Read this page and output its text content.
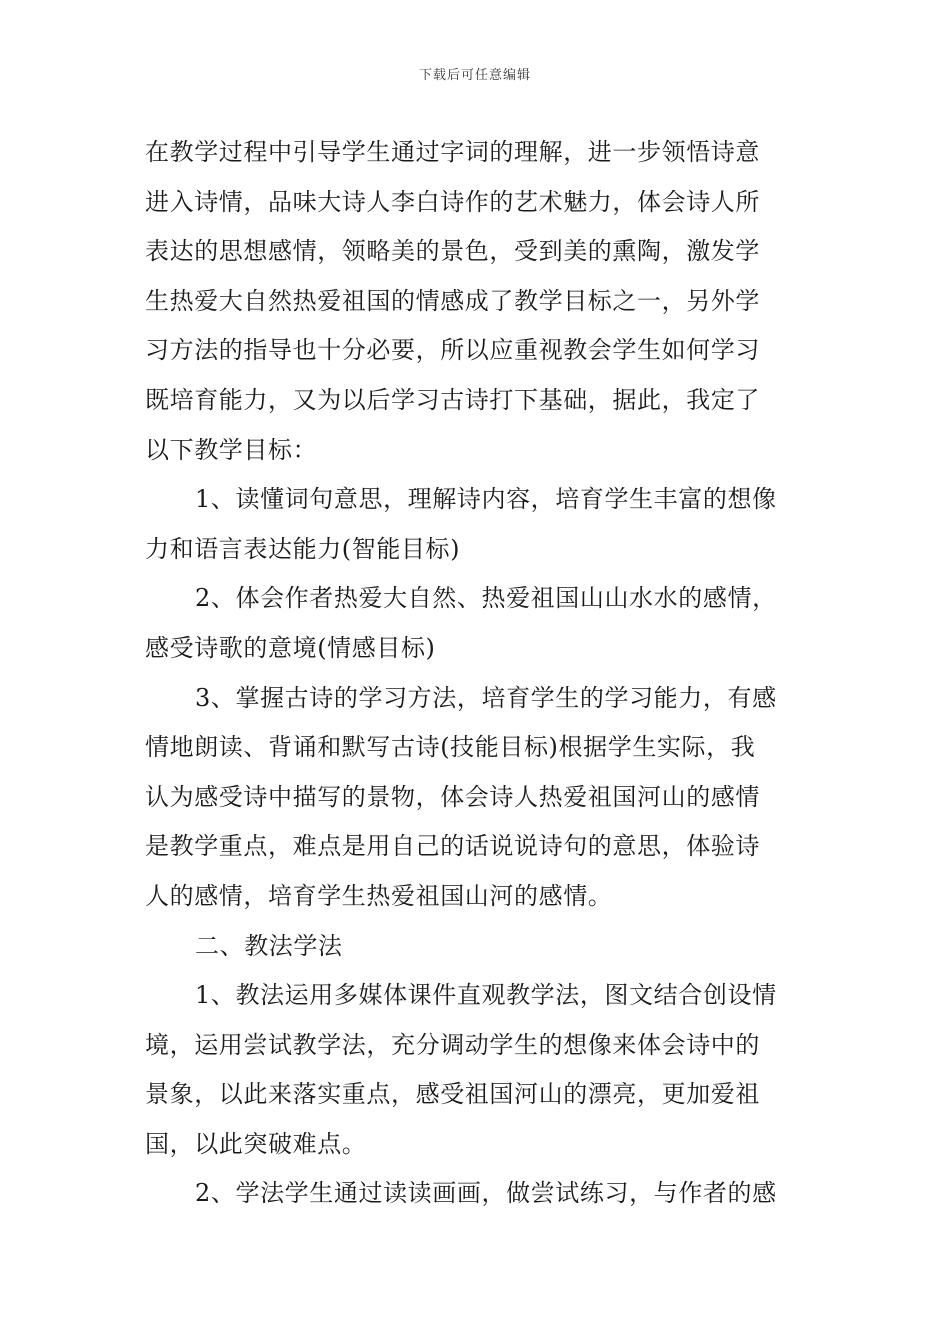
下载后可任意编辑
在教学过程中引导学生通过字词的理解，进一步领悟诗意
进入诗情，品味大诗人李白诗作的艺术魅力，体会诗人所
表达的思想感情，领略美的景色，受到美的熏陶，激发学
生热爱大自然热爱祖国的情感成了教学目标之一，另外学
习方法的指导也十分必要，所以应重视教会学生如何学习
既培育能力，又为以后学习古诗打下基础，据此，我定了
以下教学目标：
1、读懂词句意思，理解诗内容，培育学生丰富的想像
力和语言表达能力(智能目标)
2、体会作者热爱大自然、热爱祖国山山水水的感情，
感受诗歌的意境(情感目标)
3、掌握古诗的学习方法，培育学生的学习能力，有感
情地朗读、背诵和默写古诗(技能目标)根据学生实际，我
认为感受诗中描写的景物，体会诗人热爱祖国河山的感情
是教学重点，难点是用自己的话说说诗句的意思，体验诗
人的感情，培育学生热爱祖国山河的感情。
二、教法学法
1、教法运用多媒体课件直观教学法，图文结合创设情
境，运用尝试教学法，充分调动学生的想像来体会诗中的
景象，以此来落实重点，感受祖国河山的漂亮，更加爱祖
国，以此突破难点。
2、学法学生通过读读画画，做尝试练习，与作者的感
